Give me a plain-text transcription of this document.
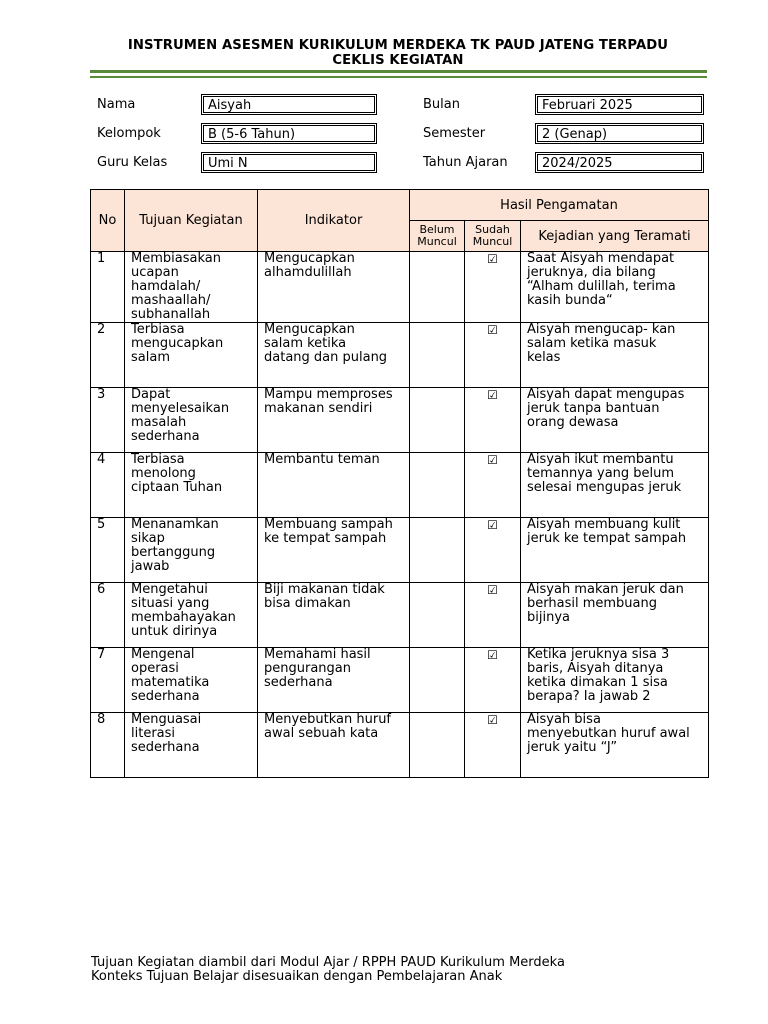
INSTRUMEN ASESMEN KURIKULUM MERDEKA TK PAUD JATENG TERPADU
CEKLIS KEGIATAN
Nama	Aisyah
Kelompok	B (5-6 Tahun)
Guru Kelas	Umi N
Bulan	Februari 2025
Semester	2 (Genap)
Tahun Ajaran	2024/2025
No	Tujuan Kegiatan	Indikator	Hasil Pengamatan		

			Belum
Muncul	Sudah
Muncul	Kejadian yang Teramati

1	Membiasakan
ucapan
hamdalah/
mashaallah/
subhanallah	Mengucapkan
alhamdulillah		☑	Saat Aisyah mendapat
jeruknya, dia bilang
“Alham dulillah, terima
kasih bunda“

2	Terbiasa
mengucapkan
salam	Mengucapkan
salam ketika
datang dan pulang		☑	Aisyah mengucap- kan
salam ketika masuk
kelas

3	Dapat
menyelesaikan
masalah
sederhana	Mampu memproses
makanan sendiri		☑	Aisyah dapat mengupas
jeruk tanpa bantuan
orang dewasa

4	Terbiasa
menolong
ciptaan Tuhan	Membantu teman		☑	Aisyah ikut membantu
temannya yang belum
selesai mengupas jeruk

5	Menanamkan
sikap
bertanggung
jawab	Membuang sampah
ke tempat sampah		☑	Aisyah membuang kulit
jeruk ke tempat sampah

6	Mengetahui
situasi yang
membahayakan
untuk dirinya	Biji makanan tidak
bisa dimakan		☑	Aisyah makan jeruk dan
berhasil membuang
bijinya

7	Mengenal
operasi
matematika
sederhana	Memahami hasil
pengurangan
sederhana		☑	Ketika jeruknya sisa 3
baris, Aisyah ditanya
ketika dimakan 1 sisa
berapa? Ia jawab 2

8	Menguasai
literasi
sederhana	Menyebutkan huruf
awal sebuah kata		☑	Aisyah bisa
menyebutkan huruf awal
jeruk yaitu “J”
Tujuan Kegiatan diambil dari Modul Ajar / RPPH PAUD Kurikulum Merdeka
Konteks Tujuan Belajar disesuaikan dengan Pembelajaran Anak
